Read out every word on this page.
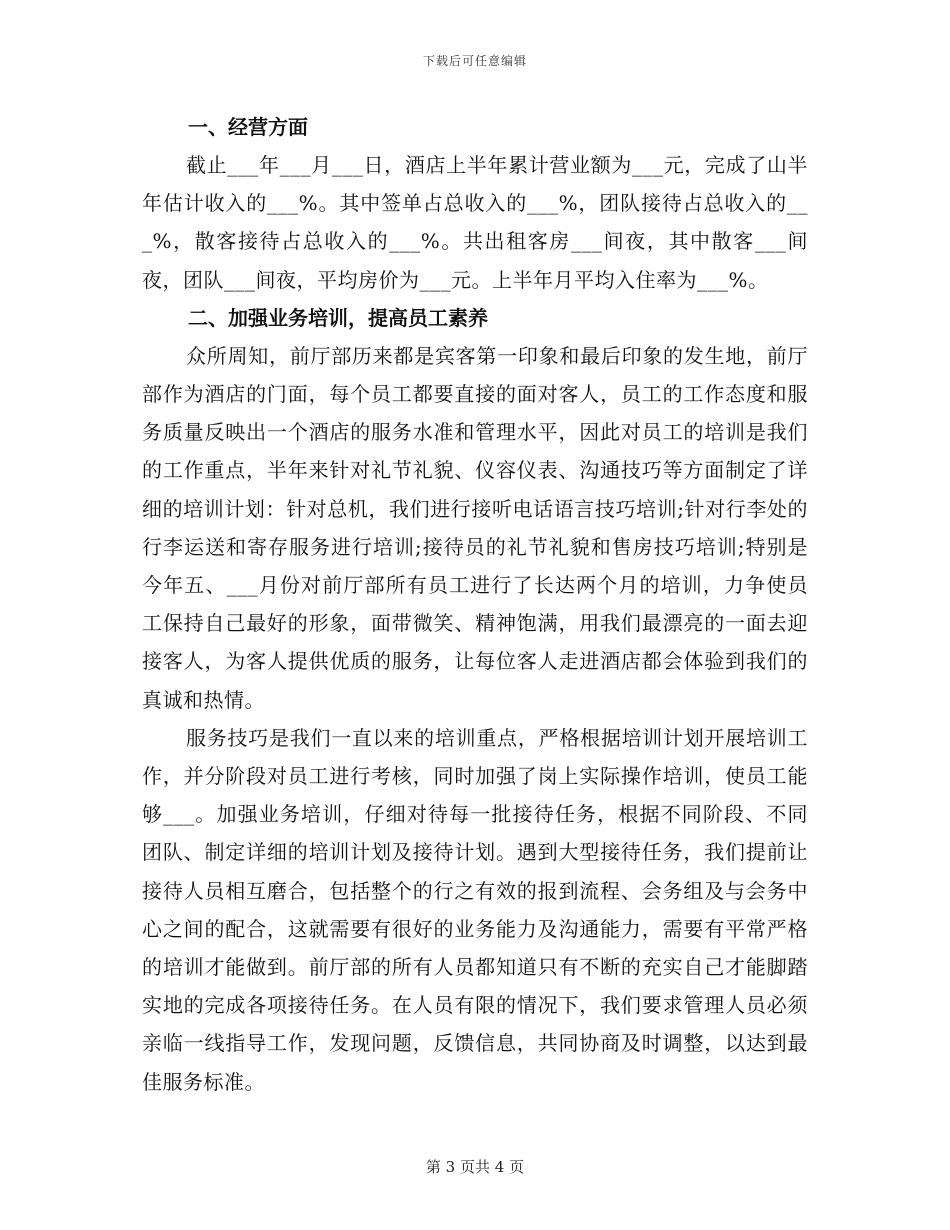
下载后可任意编辑
一、经营方面

截止___年___月___日，酒店上半年累计营业额为___元，完成了山半年估计收入的___%。其中签单占总收入的___%，团队接待占总收入的___%，散客接待占总收入的___%。共出租客房___间夜，其中散客___间夜，团队___间夜，平均房价为___元。上半年月平均入住率为___%。

二、加强业务培训，提高员工素养

众所周知，前厅部历来都是宾客第一印象和最后印象的发生地，前厅部作为酒店的门面，每个员工都要直接的面对客人，员工的工作态度和服务质量反映出一个酒店的服务水准和管理水平，因此对员工的培训是我们的工作重点，半年来针对礼节礼貌、仪容仪表、沟通技巧等方面制定了详细的培训计划：针对总机，我们进行接听电话语言技巧培训;针对行李处的行李运送和寄存服务进行培训;接待员的礼节礼貌和售房技巧培训;特别是今年五、___月份对前厅部所有员工进行了长达两个月的培训，力争使员工保持自己最好的形象，面带微笑、精神饱满，用我们最漂亮的一面去迎接客人，为客人提供优质的服务，让每位客人走进酒店都会体验到我们的真诚和热情。

服务技巧是我们一直以来的培训重点，严格根据培训计划开展培训工作，并分阶段对员工进行考核，同时加强了岗上实际操作培训，使员工能够___。加强业务培训，仔细对待每一批接待任务，根据不同阶段、不同团队、制定详细的培训计划及接待计划。遇到大型接待任务，我们提前让接待人员相互磨合，包括整个的行之有效的报到流程、会务组及与会务中心之间的配合，这就需要有很好的业务能力及沟通能力，需要有平常严格的培训才能做到。前厅部的所有人员都知道只有不断的充实自己才能脚踏实地的完成各项接待任务。在人员有限的情况下，我们要求管理人员必须亲临一线指导工作，发现问题，反馈信息，共同协商及时调整，以达到最佳服务标准。

第 3 页共 4 页
